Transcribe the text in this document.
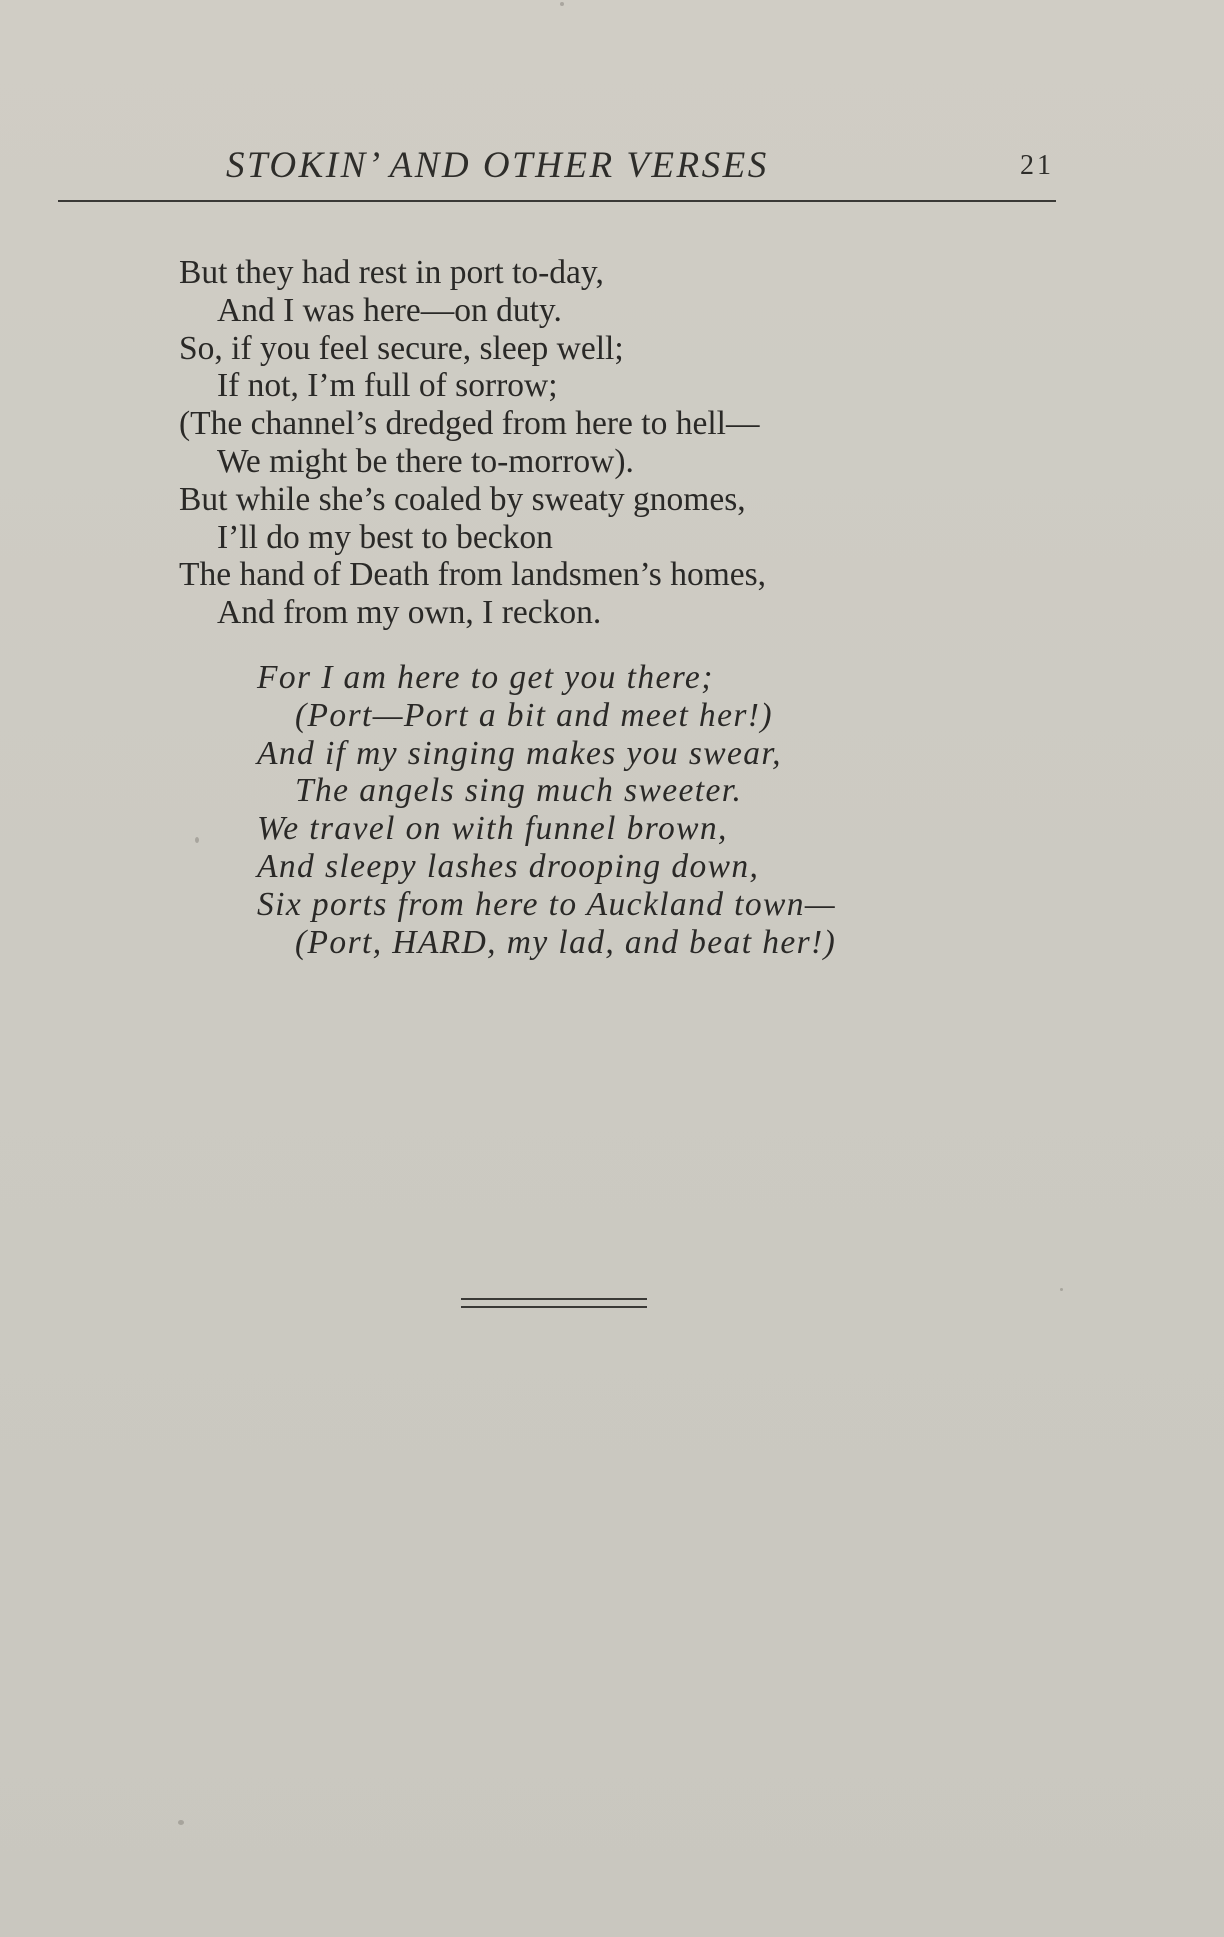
STOKIN’ AND OTHER VERSES	21
But they had rest in port to-day,
And I was here—on duty.
So, if you feel secure, sleep well;
If not, I’m full of sorrow;
(The channel’s dredged from here to hell—
We might be there to-morrow).
But while she’s coaled by sweaty gnomes,
I’ll do my best to beckon
The hand of Death from landsmen’s homes,
And from my own, I reckon.
For I am here to get you there;
(Port—Port a bit and meet her!)
And if my singing makes you swear,
The angels sing much sweeter.
We travel on with funnel brown,
And sleepy lashes drooping down,
Six ports from here to Auckland town—
(Port, HARD, my lad, and beat her!)
